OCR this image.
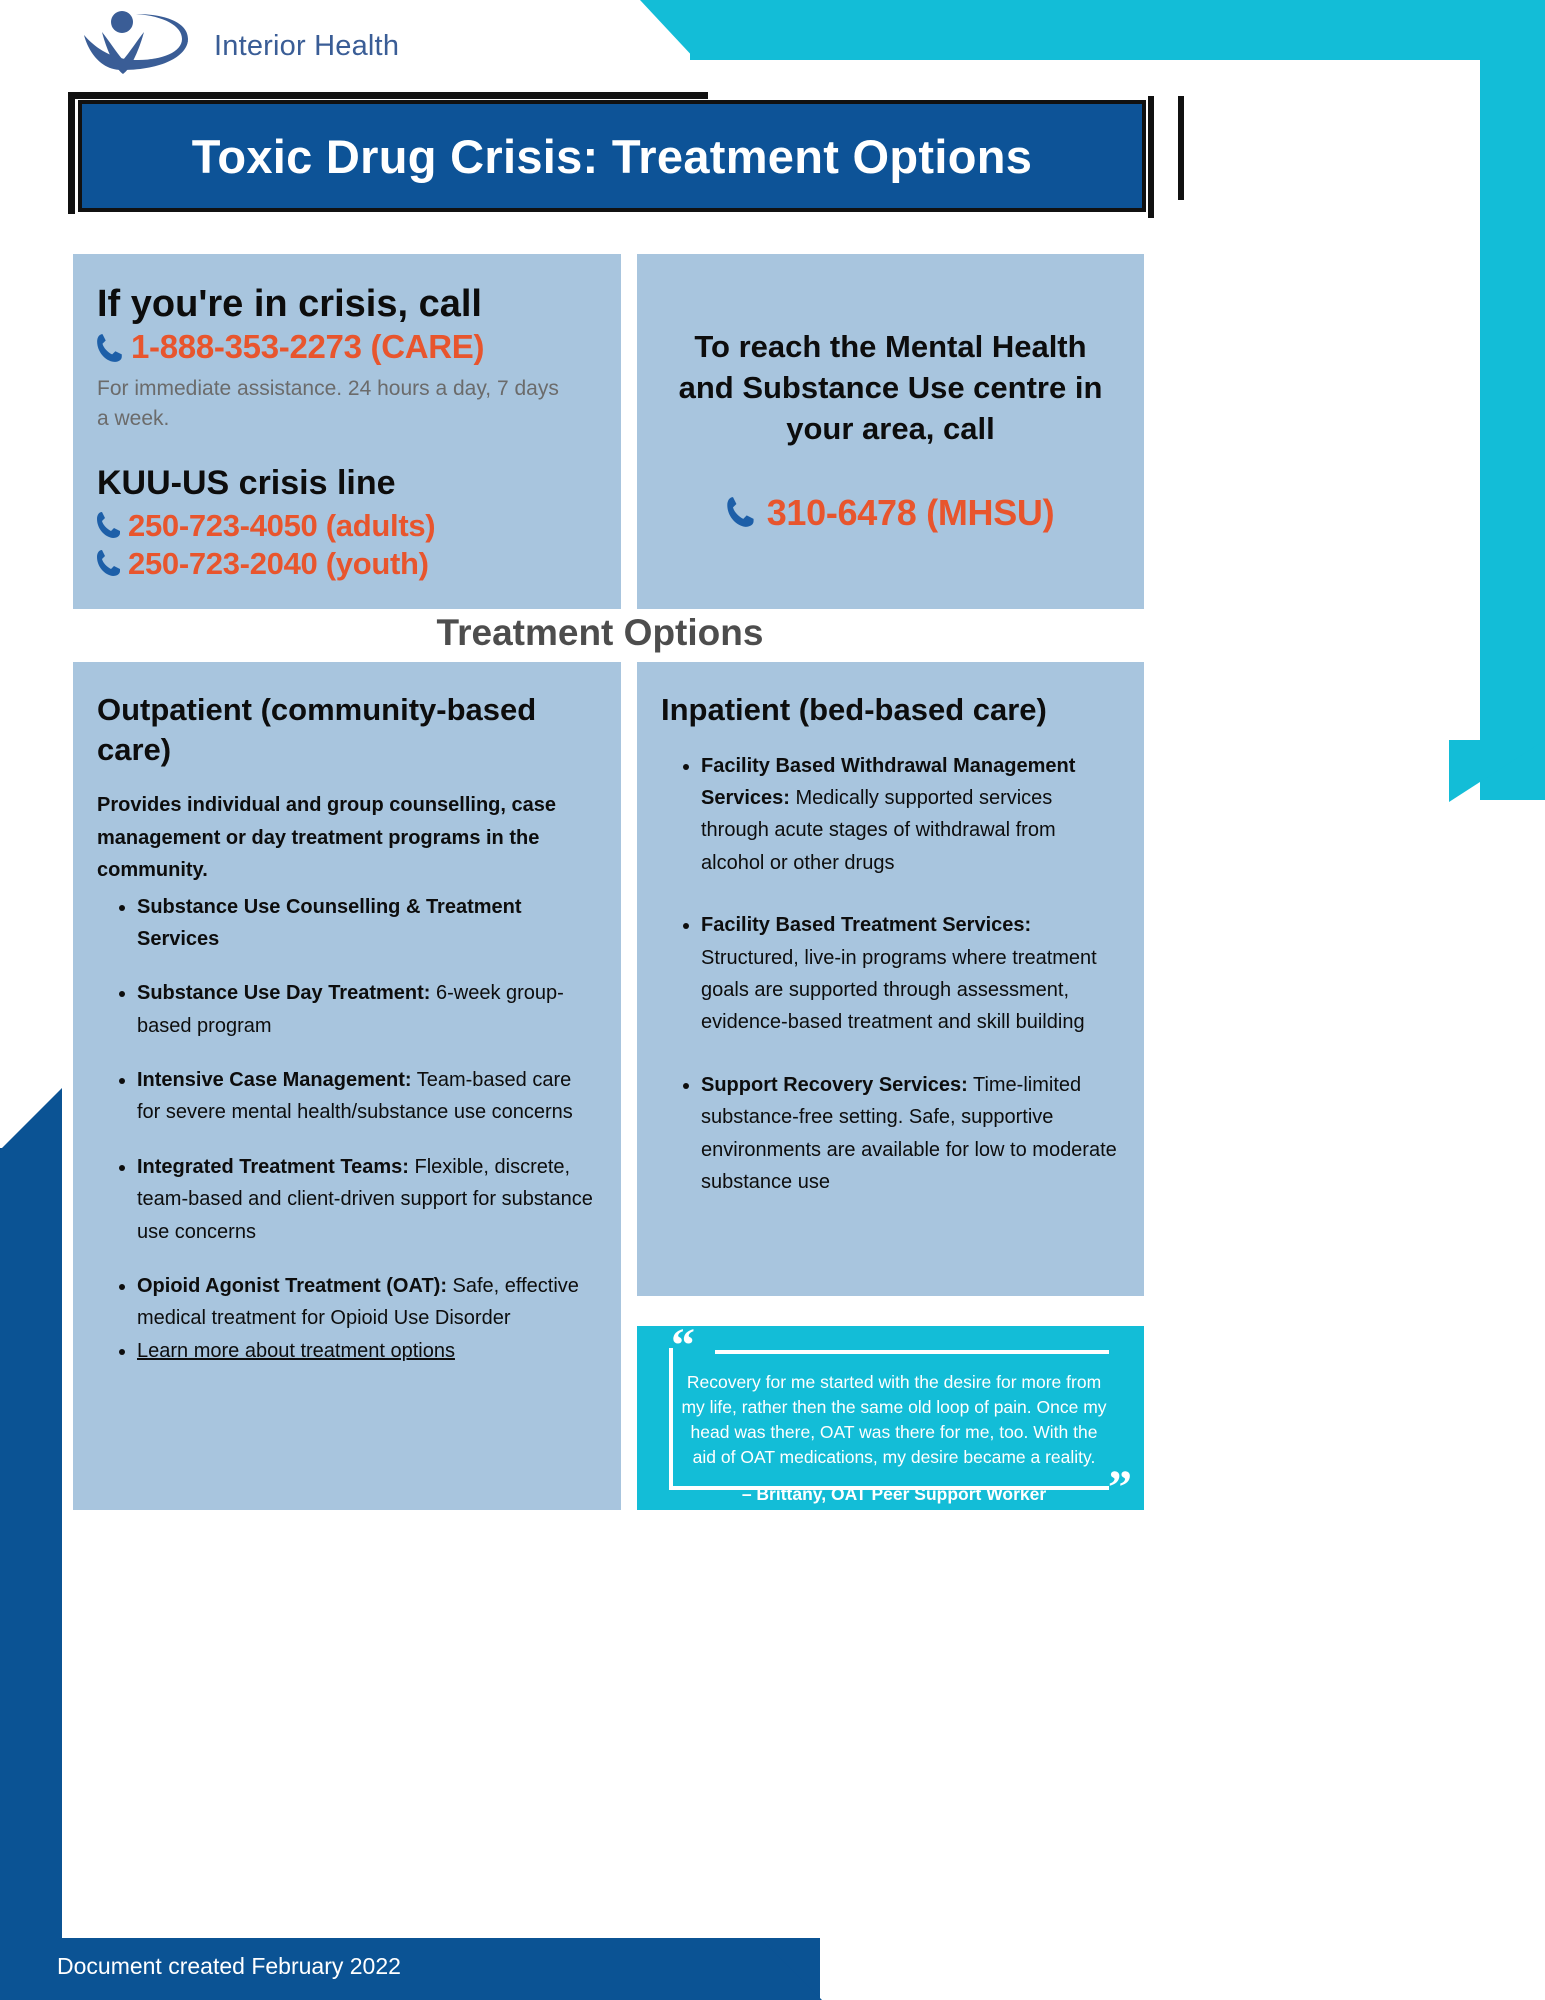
Interior Health
Toxic Drug Crisis: Treatment Options

If you're in crisis, call

1-888-353-2273 (CARE)

For immediate assistance. 24 hours a day, 7 days a week.

KUU-US crisis line

250-723-4050 (adults)
250-723-2040 (youth)

To reach the Mental Health and Substance Use centre in your area, call

310-6478 (MHSU)
Treatment Options

Outpatient (community-based care)

Provides individual and group counselling, case management or day treatment programs in the community.

• Substance Use Counselling & Treatment Services
• Substance Use Day Treatment: 6-week group-based program
• Intensive Case Management: Team-based care for severe mental health/substance use concerns
• Integrated Treatment Teams: Flexible, discrete, team-based and client-driven support for substance use concerns
• Opioid Agonist Treatment (OAT): Safe, effective medical treatment for Opioid Use Disorder
• Learn more about treatment options

Inpatient (bed-based care)

• Facility Based Withdrawal Management Services: Medically supported services through acute stages of withdrawal from alcohol or other drugs
• Facility Based Treatment Services: Structured, live-in programs where treatment goals are supported through assessment, evidence-based treatment and skill building
• Support Recovery Services: Time-limited substance-free setting. Safe, supportive environments are available for low to moderate substance use
“
Recovery for me started with the desire for more from my life, rather then the same old loop of pain. Once my head was there, OAT was there for me, too. With the aid of OAT medications, my desire became a reality.
– Brittany, OAT Peer Support Worker	”
Document created February 2022
